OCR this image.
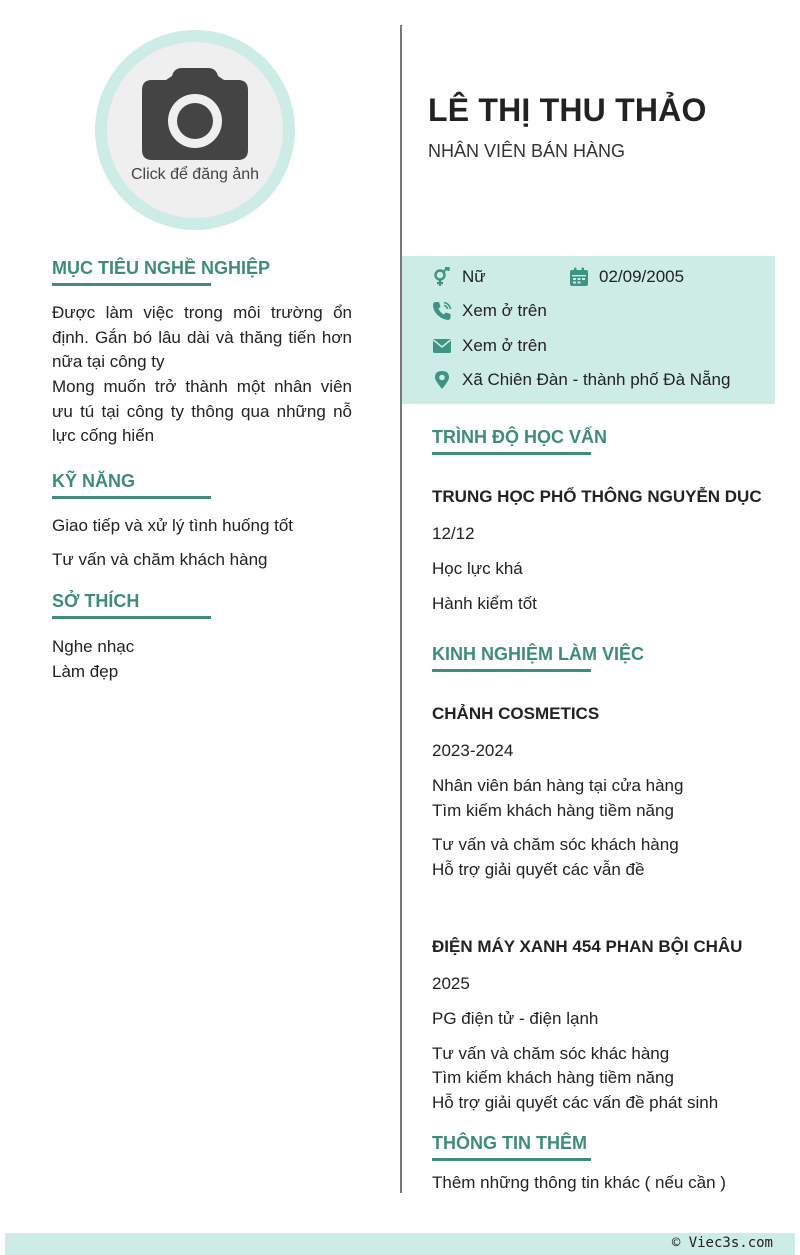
Click để đăng ảnh
LÊ THỊ THU THẢO
NHÂN VIÊN BÁN HÀNG
Nữ	02/09/2005
Xem ở trên
Xem ở trên
Xã Chiên Đàn - thành phố Đà Nẵng
MỤC TIÊU NGHỀ NGHIỆP
Được làm việc trong môi trường ổn định. Gắn bó lâu dài và thăng tiến hơn nữa tại công ty
Mong muốn trở thành một nhân viên ưu tú tại công ty thông qua những nỗ lực cống hiến
KỸ NĂNG
Giao tiếp và xử lý tình huống tốt
Tư vấn và chăm khách hàng
SỞ THÍCH
Nghe nhạc
Làm đẹp
TRÌNH ĐỘ HỌC VẤN
TRUNG HỌC PHỔ THÔNG NGUYỄN DỤC
12/12
Học lực khá
Hành kiểm tốt
KINH NGHIỆM LÀM VIỆC
CHẢNH COSMETICS
2023-2024
Nhân viên bán hàng tại cửa hàng
Tìm kiếm khách hàng tiềm năng
Tư vấn và chăm sóc khách hàng
Hỗ trợ giải quyết các vẫn đề
ĐIỆN MÁY XANH 454 PHAN BỘI CHÂU
2025
PG điện tử - điện lạnh
Tư vấn và chăm sóc khác hàng
Tìm kiếm khách hàng tiềm năng
Hỗ trợ giải quyết các vấn đề phát sinh
THÔNG TIN THÊM
Thêm những thông tin khác ( nếu cần )
© Viec3s.com
